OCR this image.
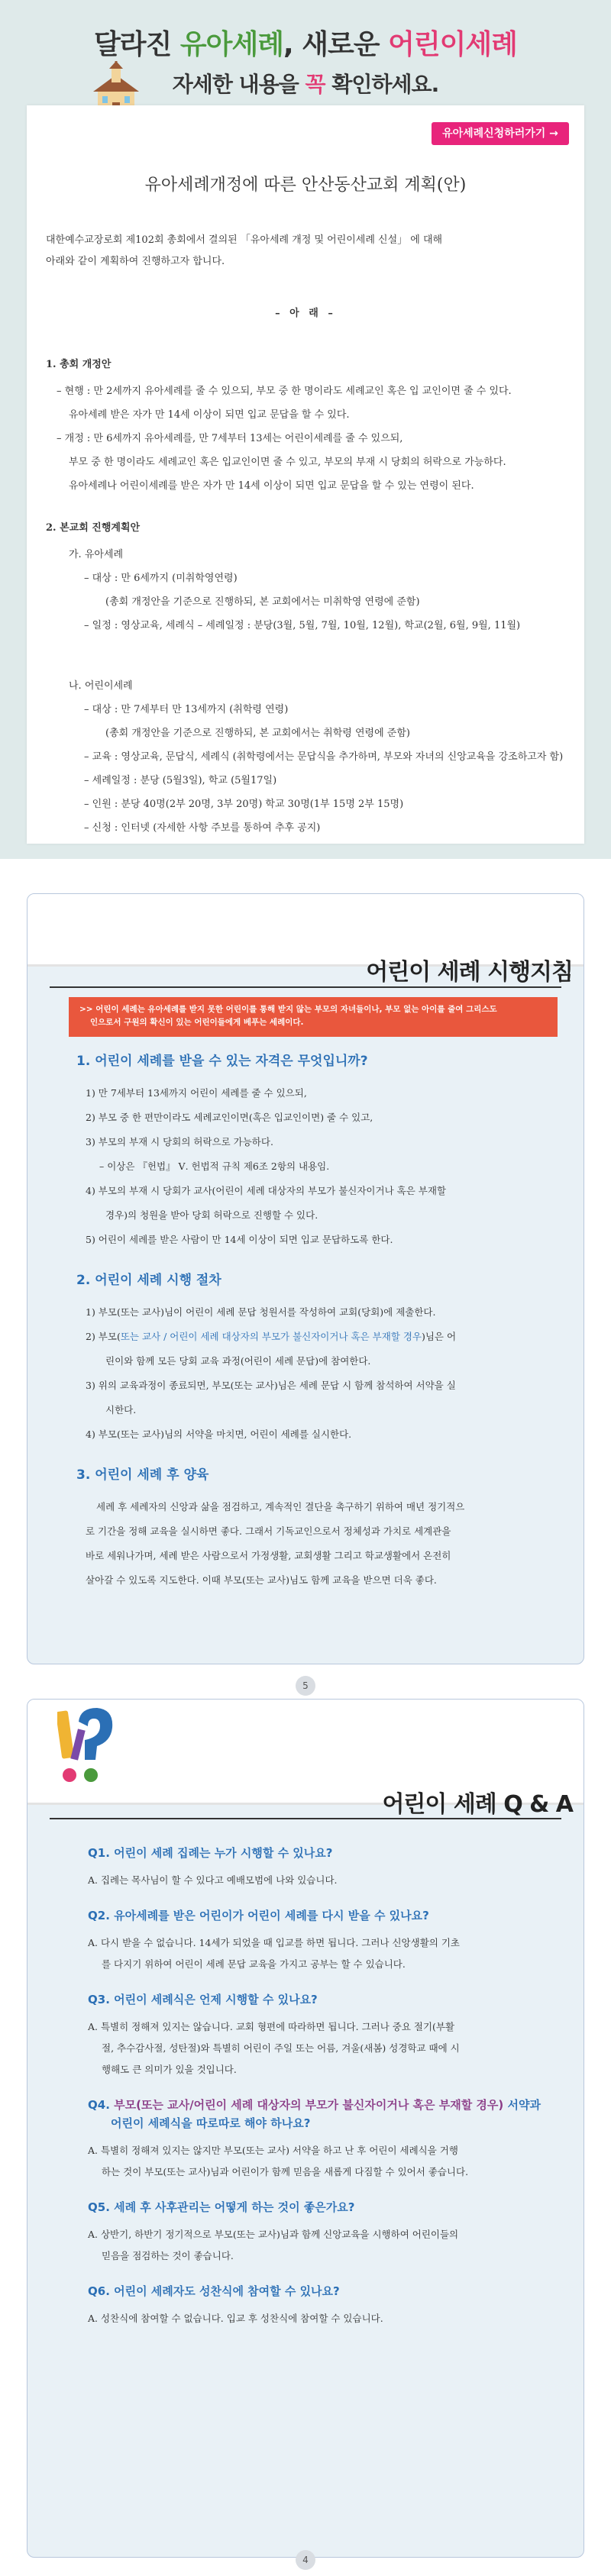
달라진 유아세례, 새로운 어린이세례
자세한 내용을 꼭 확인하세요.
유아세례신청하러가기 →
유아세례개정에 따른 안산동산교회 계획(안)
대한예수교장로회 제102회 총회에서 결의된 「유아세례 개정 및 어린이세례 신설」 에 대해
아래와 같이 계획하여 진행하고자 합니다.
– 아 래 –
1. 총회 개정안
– 현행 : 만 2세까지 유아세례를 줄 수 있으되, 부모 중 한 명이라도 세례교인 혹은 입 교인이면 줄 수 있다.
유아세례 받은 자가 만 14세 이상이 되면 입교 문답을 할 수 있다.
– 개정 : 만 6세까지 유아세례를, 만 7세부터 13세는 어린이세례를 줄 수 있으되,
부모 중 한 명이라도 세례교인 혹은 입교인이면 줄 수 있고, 부모의 부재 시 당회의 허락으로 가능하다.
유아세례나 어린이세례를 받은 자가 만 14세 이상이 되면 입교 문답을 할 수 있는 연령이 된다.
2. 본교회 진행계획안
가. 유아세례
– 대상 : 만 6세까지 (미취학영연령)
(총회 개정안을 기준으로 진행하되, 본 교회에서는 미취학영 연령에 준함)
– 일정 : 영상교육, 세례식 – 세례일정 : 분당(3월, 5월, 7월, 10월, 12월), 학교(2월, 6월, 9월, 11월)
나. 어린이세례
– 대상 : 만 7세부터 만 13세까지 (취학령 연령)
(총회 개정안을 기준으로 진행하되, 본 교회에서는 취학령 연령에 준함)
– 교육 : 영상교육, 문답식, 세례식 (취학령에서는 문답식을 추가하며, 부모와 자녀의 신앙교육을 강조하고자 함)
– 세례일정 : 분당 (5월3일), 학교 (5월17일)
– 인원 : 분당 40명(2부 20명, 3부 20명) 학교 30명(1부 15명 2부 15명)
– 신청 : 인터넷 (자세한 사항 주보를 통하여 추후 공지)
어린이 세례 시행지침
>> 어린이 세례는 유아세례를 받지 못한 어린이를 통해 받지 않는 부모의 자녀들이나, 부모 없는 아이를 줄여 그리스도
인으로서 구원의 확신이 있는 어린이들에게 베푸는 세례이다.
1. 어린이 세례를 받을 수 있는 자격은 무엇입니까?
1) 만 7세부터 13세까지 어린이 세례를 줄 수 있으되,
2) 부모 중 한 편만이라도 세례교인이면(혹은 입교인이면) 줄 수 있고,
3) 부모의 부재 시 당회의 허락으로 가능하다.
– 이상은 『헌법』 Ⅴ. 헌법적 규칙 제6조 2항의 내용임.
4) 부모의 부재 시 당회가 교사(어린이 세례 대상자의 부모가 불신자이거나 혹은 부재할
경우)의 청원을 받아 당회 허락으로 진행할 수 있다.
5) 어린이 세례를 받은 사람이 만 14세 이상이 되면 입교 문답하도록 한다.
2. 어린이 세례 시행 절차
1) 부모(또는 교사)님이 어린이 세례 문답 청원서를 작성하여 교회(당회)에 제출한다.
2) 부모(또는 교사 / 어린이 세례 대상자의 부모가 불신자이거나 혹은 부재할 경우)님은 어
린이와 함께 모든 당회 교육 과정(어린이 세례 문답)에 참여한다.
3) 위의 교육과정이 종료되면, 부모(또는 교사)님은 세례 문답 시 함께 참석하여 서약을 실
시한다.
4) 부모(또는 교사)님의 서약을 마치면, 어린이 세례를 실시한다.
3. 어린이 세례 후 양육
세례 후 세례자의 신앙과 삶을 점검하고, 계속적인 결단을 촉구하기 위하여 매년 정기적으
로 기간을 정해 교육을 실시하면 좋다. 그래서 기독교인으로서 정체성과 가치로 세계관을
바로 세워나가며, 세례 받은 사람으로서 가정생활, 교회생활 그리고 학교생활에서 온전히
살아갈 수 있도록 지도한다. 이때 부모(또는 교사)님도 함께 교육을 받으면 더욱 좋다.
5
어린이 세례 Q & A
Q1. 어린이 세례 집례는 누가 시행할 수 있나요?
A. 집례는 목사님이 할 수 있다고 예배모범에 나와 있습니다.
Q2. 유아세례를 받은 어린이가 어린이 세례를 다시 받을 수 있나요?
A. 다시 받을 수 없습니다. 14세가 되었을 때 입교를 하면 됩니다. 그러나 신앙생활의 기초
를 다지기 위하여 어린이 세례 문답 교육을 가지고 공부는 할 수 있습니다.
Q3. 어린이 세례식은 언제 시행할 수 있나요?
A. 특별히 정해져 있지는 않습니다. 교회 형편에 따라하면 됩니다. 그러나 중요 절기(부활
절, 추수감사절, 성탄절)와 특별히 어린이 주일 또는 어름, 겨울(새봄) 성경학교 때에 시
행해도 큰 의미가 있을 것입니다.
Q4. 부모(또는 교사/어린이 세례 대상자의 부모가 불신자이거나 혹은 부재할 경우) 서약과
어린이 세례식을 따로따로 해야 하나요?
A. 특별히 정해져 있지는 않지만 부모(또는 교사) 서약을 하고 난 후 어린이 세례식을 거행
하는 것이 부모(또는 교사)님과 어린이가 함께 믿음을 새롭게 다짐할 수 있어서 좋습니다.
Q5. 세례 후 사후관리는 어떻게 하는 것이 좋은가요?
A. 상반기, 하반기 정기적으로 부모(또는 교사)님과 함께 신앙교육을 시행하여 어린이들의
믿음을 점검하는 것이 좋습니다.
Q6. 어린이 세례자도 성찬식에 참여할 수 있나요?
A. 성찬식에 참여할 수 없습니다. 입교 후 성찬식에 참여할 수 있습니다.
4
